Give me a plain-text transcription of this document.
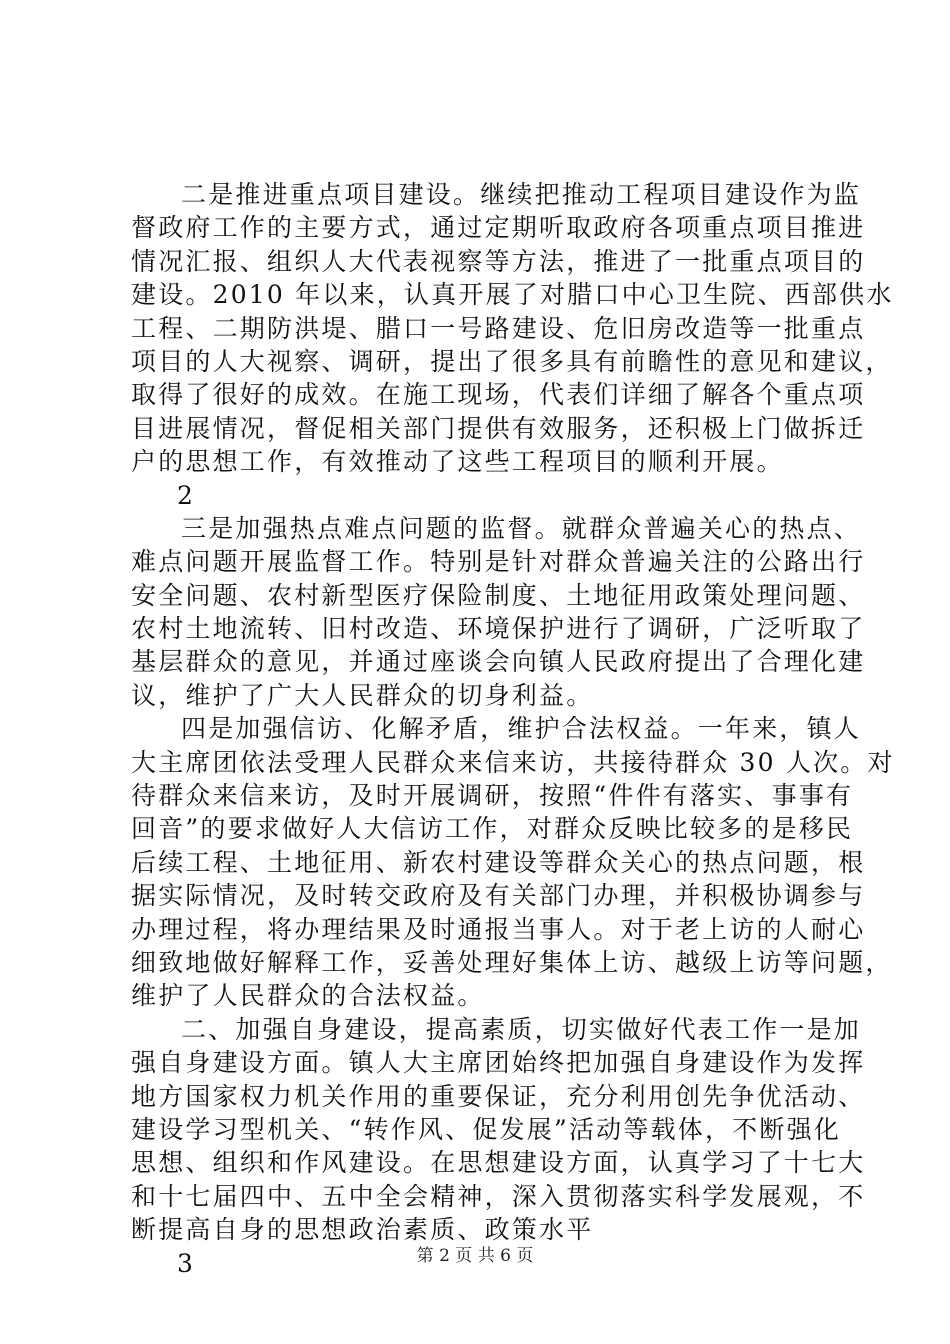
二是推进重点项目建设。继续把推动工程项目建设作为监
督政府工作的主要方式，通过定期听取政府各项重点项目推进
情况汇报、组织人大代表视察等方法，推进了一批重点项目的
建设。2010 年以来，认真开展了对腊口中心卫生院、西部供水
工程、二期防洪堤、腊口一号路建设、危旧房改造等一批重点
项目的人大视察、调研，提出了很多具有前瞻性的意见和建议，
取得了很好的成效。在施工现场，代表们详细了解各个重点项
目进展情况，督促相关部门提供有效服务，还积极上门做拆迁
户的思想工作，有效推动了这些工程项目的顺利开展。
2
三是加强热点难点问题的监督。就群众普遍关心的热点、
难点问题开展监督工作。特别是针对群众普遍关注的公路出行
安全问题、农村新型医疗保险制度、土地征用政策处理问题、
农村土地流转、旧村改造、环境保护进行了调研，广泛听取了
基层群众的意见，并通过座谈会向镇人民政府提出了合理化建
议，维护了广大人民群众的切身利益。
四是加强信访、化解矛盾，维护合法权益。一年来，镇人
大主席团依法受理人民群众来信来访，共接待群众 30 人次。对
待群众来信来访，及时开展调研，按照“件件有落实、事事有
回音”的要求做好人大信访工作，对群众反映比较多的是移民
后续工程、土地征用、新农村建设等群众关心的热点问题，根
据实际情况，及时转交政府及有关部门办理，并积极协调参与
办理过程，将办理结果及时通报当事人。对于老上访的人耐心
细致地做好解释工作，妥善处理好集体上访、越级上访等问题，
维护了人民群众的合法权益。
二、加强自身建设，提高素质，切实做好代表工作一是加
强自身建设方面。镇人大主席团始终把加强自身建设作为发挥
地方国家权力机关作用的重要保证，充分利用创先争优活动、
建设学习型机关、“转作风、促发展”活动等载体，不断强化
思想、组织和作风建设。在思想建设方面，认真学习了十七大
和十七届四中、五中全会精神，深入贯彻落实科学发展观，不
断提高自身的思想政治素质、政策水平
3	第 2 页 共 6 页
